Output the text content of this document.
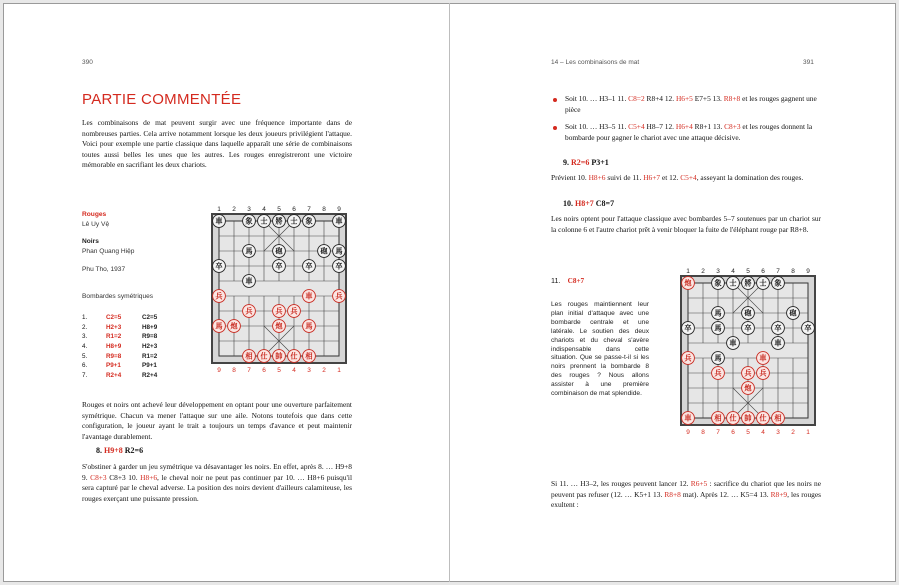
390
PARTIE COMMENTÉE
Les combinaisons de mat peuvent surgir avec une fréquence importante dans de nombreuses parties. Cela arrive notamment lorsque les deux joueurs privilégient l'attaque. Voici pour exemple une partie classique dans laquelle apparaît une série de combinaisons toutes aussi belles les unes que les autres. Les rouges enregistreront une victoire mémorable en sacrifiant les deux chariots.
Rouges
Lê Uy Vệ
Noirs
Phan Quang Hiệp
Phu Tho, 1937
Bombardes symétriques
1.	C2=5	C2=5
2.	H2+3	H8+9
3.	R1=2	R9=8
4.	H8+9	H2+3
5.	R9=8	R1=2
6.	P9+1	P9+1
7.	R2+4	R2+4
1 2 3 4 5 6 7 8 9
9 8 7 6 5 4 3 2 1
車	象 士 將 士 象	車
馬	砲	砲 馬
卒	卒	卒	卒
車
兵	車	兵
兵	兵 兵
馬 炮	炮	馬
相 仕 帥 仕 相
Rouges et noirs ont achevé leur développement en optant pour une ouverture parfaitement symétrique. Chacun va mener l'attaque sur une aile. Notons toutefois que dans cette configuration, le joueur ayant le trait a toujours un temps d'avance et peut maintenir l'avantage durablement.
8. H9+8 R2=6
S'obstiner à garder un jeu symétrique va désavantager les noirs. En effet, après 8. … H9+8 9. C8+3 C8+3 10. H8+6, le cheval noir ne peut pas continuer par 10. … H8+6 puisqu'il sera capturé par le cheval adverse. La position des noirs devient d'ailleurs calamiteuse, les rouges exerçant une puissante pression.
14 – Les combinaisons de mat	391
Soit 10. … H3–1 11. C8=2 R8+4 12. H6+5 E7+5 13. R8+8 et les rouges gagnent une pièce
Soit 10. … H3–5 11. C5+4 H8–7 12. H6+4 R8+1 13. C8+3 et les rouges donnent la bombarde pour gagner le chariot avec une attaque décisive.
9. R2=6 P3+1
Prévient 10. H8+6 suivi de 11. H6+7 et 12. C5+4, asseyant la domination des rouges.
10. H8+7 C8=7
Les noirs optent pour l'attaque classique avec bombardes 5–7 soutenues par un chariot sur la colonne 6 et l'autre chariot prêt à venir bloquer la fuite de l'éléphant rouge par R8+8.
11. C8+7
Les rouges maintiennent leur plan initial d'attaque avec une bombarde centrale et une latérale. Le soutien des deux chariots et du cheval s'avère indispensable dans cette situation. Que se passe-t-il si les noirs prennent la bombarde 8 des rouges ? Nous allons assister à une première combinaison de mat splendide.
1 2 3 4 5 6 7 8 9
9 8 7 6 5 4 3 2 1
炮	象 士 將 士 象
馬	砲	砲
卒	馬	卒	卒	卒
車	車
兵	馬	車
兵	兵 兵
炮
車	相 仕 帥 仕 相
Si 11. … H3–2, les rouges peuvent lancer 12. R6+5 : sacrifice du chariot que les noirs ne peuvent pas refuser (12. … K5+1 13. R8+8 mat). Après 12. … K5=4 13. R8+9, les rouges exultent :
